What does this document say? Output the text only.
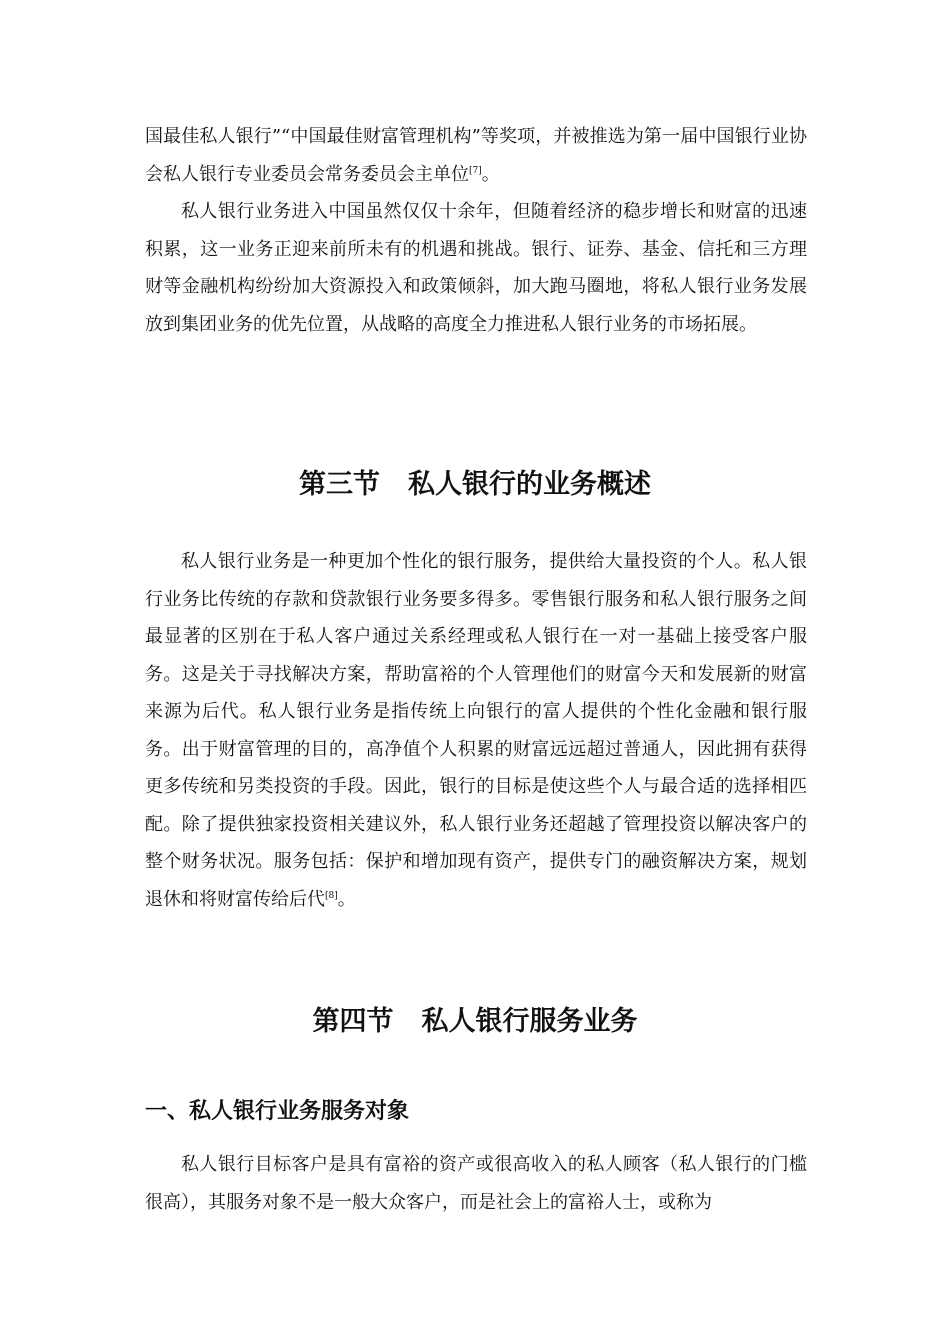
国最佳私人银行”“中国最佳财富管理机构”等奖项，并被推选为第一届中国银行业协会私人银行专业委员会常务委员会主单位[7]。

私人银行业务进入中国虽然仅仅十余年，但随着经济的稳步增长和财富的迅速积累，这一业务正迎来前所未有的机遇和挑战。银行、证券、基金、信托和三方理财等金融机构纷纷加大资源投入和政策倾斜，加大跑马圈地，将私人银行业务发展放到集团业务的优先位置，从战略的高度全力推进私人银行业务的市场拓展。

第三节 私人银行的业务概述

私人银行业务是一种更加个性化的银行服务，提供给大量投资的个人。私人银行业务比传统的存款和贷款银行业务要多得多。零售银行服务和私人银行服务之间最显著的区别在于私人客户通过关系经理或私人银行在一对一基础上接受客户服务。这是关于寻找解决方案，帮助富裕的个人管理他们的财富今天和发展新的财富来源为后代。私人银行业务是指传统上向银行的富人提供的个性化金融和银行服务。出于财富管理的目的，高净值个人积累的财富远远超过普通人，因此拥有获得更多传统和另类投资的手段。因此，银行的目标是使这些个人与最合适的选择相匹配。除了提供独家投资相关建议外，私人银行业务还超越了管理投资以解决客户的整个财务状况。服务包括：保护和增加现有资产，提供专门的融资解决方案，规划退休和将财富传给后代[8]。

第四节 私人银行服务业务
一、私人银行业务服务对象

私人银行目标客户是具有富裕的资产或很高收入的私人顾客（私人银行的门槛很高），其服务对象不是一般大众客户，而是社会上的富裕人士，或称为
